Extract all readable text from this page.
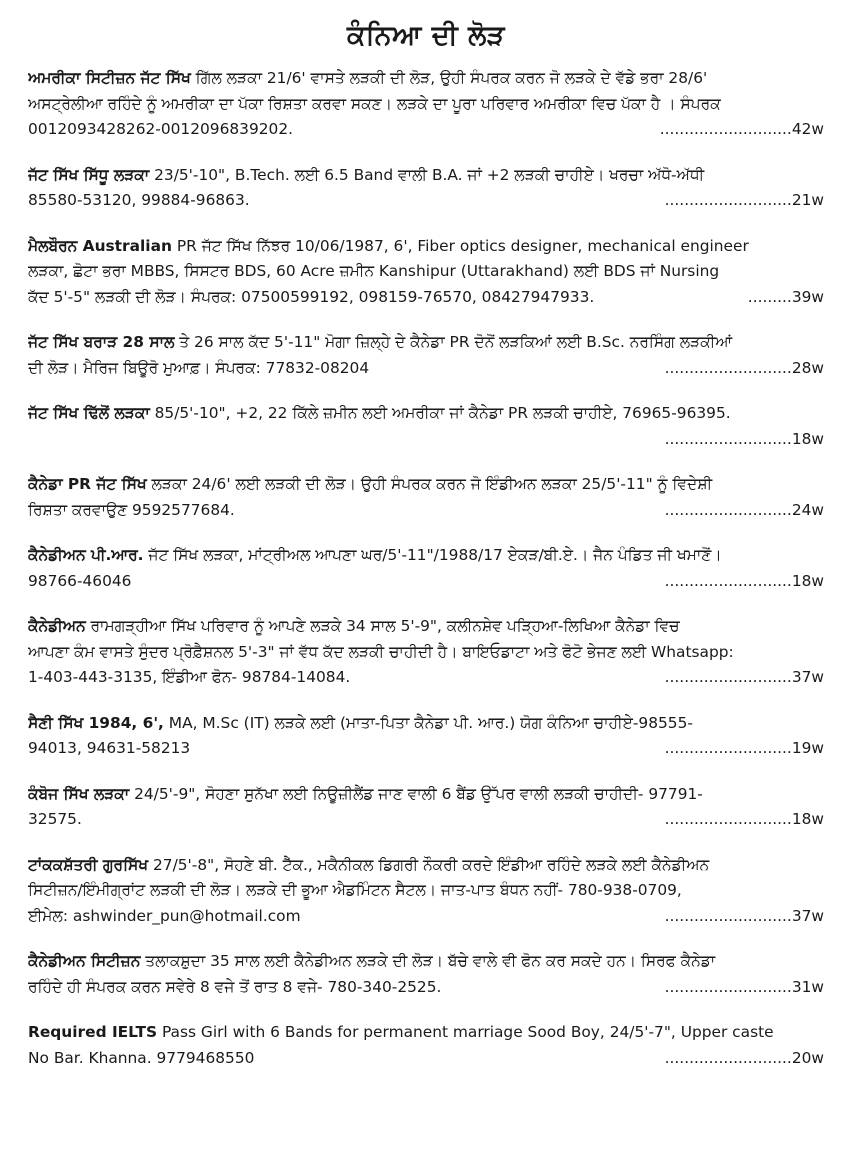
ਕੰਨਿਆ ਦੀ ਲੋੜ
ਅਮਰੀਕਾ ਸਿਟੀਜ਼ਨ ਜੱਟ ਸਿੱਖ ਗਿੱਲ ਲੜਕਾ 21/6' ਵਾਸਤੇ ਲੜਕੀ ਦੀ ਲੋੜ, ਉਹੀ ਸੰਪਰਕ ਕਰਨ ਜੋ ਲੜਕੇ ਦੇ ਵੱਡੇ ਭਰਾ 28/6'
ਅਸਟ੍ਰੇਲੀਆ ਰਹਿੰਦੇ ਨੂੰ ਅਮਰੀਕਾ ਦਾ ਪੱਕਾ ਰਿਸ਼ਤਾ ਕਰਵਾ ਸਕਣ। ਲੜਕੇ ਦਾ ਪੂਰਾ ਪਰਿਵਾਰ ਅਮਰੀਕਾ ਵਿਚ ਪੱਕਾ ਹੈ । ਸੰਪਰਕ
0012093428262-0012096839202.	...........................42w
ਜੱਟ ਸਿੱਖ ਸਿੱਧੂ ਲੜਕਾ 23/5'-10", B.Tech. ਲਈ 6.5 Band ਵਾਲੀ B.A. ਜਾਂ +2 ਲੜਕੀ ਚਾਹੀਏ। ਖਰਚਾ ਅੱਧੋ-ਅੱਧੀ
85580-53120, 99884-96863.	..........................21w
ਮੈਲਬੌਰਨ Australian PR ਜੱਟ ਸਿੱਖ ਨਿੱਝਰ 10/06/1987, 6', Fiber optics designer, mechanical engineer
ਲੜਕਾ, ਛੋਟਾ ਭਰਾ MBBS, ਸਿਸਟਰ BDS, 60 Acre ਜ਼ਮੀਨ Kanshipur (Uttarakhand) ਲਈ BDS ਜਾਂ Nursing
ਕੱਦ 5'-5" ਲੜਕੀ ਦੀ ਲੋੜ। ਸੰਪਰਕ: 07500599192, 098159-76570, 08427947933.	.........39w
ਜੱਟ ਸਿੱਖ ਬਰਾੜ 28 ਸਾਲ ਤੇ 26 ਸਾਲ ਕੱਦ 5'-11" ਮੋਗਾ ਜ਼ਿਲ੍ਹੇ ਦੇ ਕੈਨੇਡਾ PR ਦੋਨੋਂ ਲੜਕਿਆਂ ਲਈ B.Sc. ਨਰਸਿੰਗ ਲੜਕੀਆਂ
ਦੀ ਲੋੜ। ਮੈਰਿਜ ਬਿਊਰੋ ਮੁਆਫ਼। ਸੰਪਰਕ: 77832-08204	..........................28w
ਜੱਟ ਸਿੱਖ ਢਿੱਲੋਂ ਲੜਕਾ 85/5'-10", +2, 22 ਕਿੱਲੇ ਜ਼ਮੀਨ ਲਈ ਅਮਰੀਕਾ ਜਾਂ ਕੈਨੇਡਾ PR ਲੜਕੀ ਚਾਹੀਏ, 76965-96395.
..........................18w
ਕੈਨੇਡਾ PR ਜੱਟ ਸਿੱਖ ਲੜਕਾ 24/6' ਲਈ ਲੜਕੀ ਦੀ ਲੋੜ। ਉਹੀ ਸੰਪਰਕ ਕਰਨ ਜੋ ਇੰਡੀਅਨ ਲੜਕਾ 25/5'-11" ਨੂੰ ਵਿਦੇਸ਼ੀ
ਰਿਸ਼ਤਾ ਕਰਵਾਉਣ 9592577684.	..........................24w
ਕੈਨੇਡੀਅਨ ਪੀ.ਆਰ. ਜੱਟ ਸਿੱਖ ਲੜਕਾ, ਮਾਂਟ੍ਰੀਅਲ ਆਪਣਾ ਘਰ/5'-11"/1988/17 ਏਕੜ/ਬੀ.ਏ.। ਜੈਨ ਪੰਡਿਤ ਜੀ ਖਮਾਣੋਂ।
98766-46046	..........................18w
ਕੈਨੇਡੀਅਨ ਰਾਮਗੜ੍ਹੀਆ ਸਿੱਖ ਪਰਿਵਾਰ ਨੂੰ ਆਪਣੇ ਲੜਕੇ 34 ਸਾਲ 5'-9", ਕਲੀਨਸ਼ੇਵ ਪੜ੍ਹਿਆ-ਲਿਖਿਆ ਕੈਨੇਡਾ ਵਿਚ
ਆਪਣਾ ਕੰਮ ਵਾਸਤੇ ਸੁੰਦਰ ਪ੍ਰੋਫ਼ੈਸ਼ਨਲ 5'-3" ਜਾਂ ਵੱਧ ਕੱਦ ਲੜਕੀ ਚਾਹੀਦੀ ਹੈ। ਬਾਇਓਡਾਟਾ ਅਤੇ ਫੋਟੋ ਭੇਜਣ ਲਈ Whatsapp:
1-403-443-3135, ਇੰਡੀਆ ਫੋਨ- 98784-14084.	..........................37w
ਸੈਣੀ ਸਿੱਖ 1984, 6', MA, M.Sc (IT) ਲੜਕੇ ਲਈ (ਮਾਤਾ-ਪਿਤਾ ਕੈਨੇਡਾ ਪੀ. ਆਰ.) ਯੋਗ ਕੰਨਿਆ ਚਾਹੀਏ-98555-
94013, 94631-58213	..........................19w
ਕੰਬੋਜ ਸਿੱਖ ਲੜਕਾ 24/5'-9", ਸੋਹਣਾ ਸੁਨੱਖਾ ਲਈ ਨਿਊਜ਼ੀਲੈਂਡ ਜਾਣ ਵਾਲੀ 6 ਬੈਂਡ ਉੱਪਰ ਵਾਲੀ ਲੜਕੀ ਚਾਹੀਦੀ- 97791-
32575.	..........................18w
ਟਾਂਕਕਸ਼ੱਤਰੀ ਗੁਰਸਿੱਖ 27/5'-8", ਸੋਹਣੇ ਬੀ. ਟੈੱਕ., ਮਕੈਨੀਕਲ ਡਿਗਰੀ ਨੌਕਰੀ ਕਰਦੇ ਇੰਡੀਆ ਰਹਿੰਦੇ ਲੜਕੇ ਲਈ ਕੈਨੇਡੀਅਨ
ਸਿਟੀਜ਼ਨ/ਇੰਮੀਗ੍ਰਾਂਟ ਲੜਕੀ ਦੀ ਲੋੜ। ਲੜਕੇ ਦੀ ਭੂਆ ਐਡਮਿੰਟਨ ਸੈਟਲ। ਜਾਤ-ਪਾਤ ਬੰਧਨ ਨਹੀਂ- 780-938-0709,
ਈਮੇਲ: ashwinder_pun@hotmail.com	..........................37w
ਕੈਨੇਡੀਅਨ ਸਿਟੀਜ਼ਨ ਤਲਾਕਸ਼ੁਦਾ 35 ਸਾਲ ਲਈ ਕੈਨੇਡੀਅਨ ਲੜਕੇ ਦੀ ਲੋੜ। ਬੱਚੇ ਵਾਲੇ ਵੀ ਫੋਨ ਕਰ ਸਕਦੇ ਹਨ। ਸਿਰਫ ਕੈਨੇਡਾ
ਰਹਿੰਦੇ ਹੀ ਸੰਪਰਕ ਕਰਨ ਸਵੇਰੇ 8 ਵਜੇ ਤੋਂ ਰਾਤ 8 ਵਜੇ- 780-340-2525.	..........................31w
Required IELTS Pass Girl with 6 Bands for permanent marriage Sood Boy, 24/5'-7", Upper caste
No Bar. Khanna. 9779468550	..........................20w
